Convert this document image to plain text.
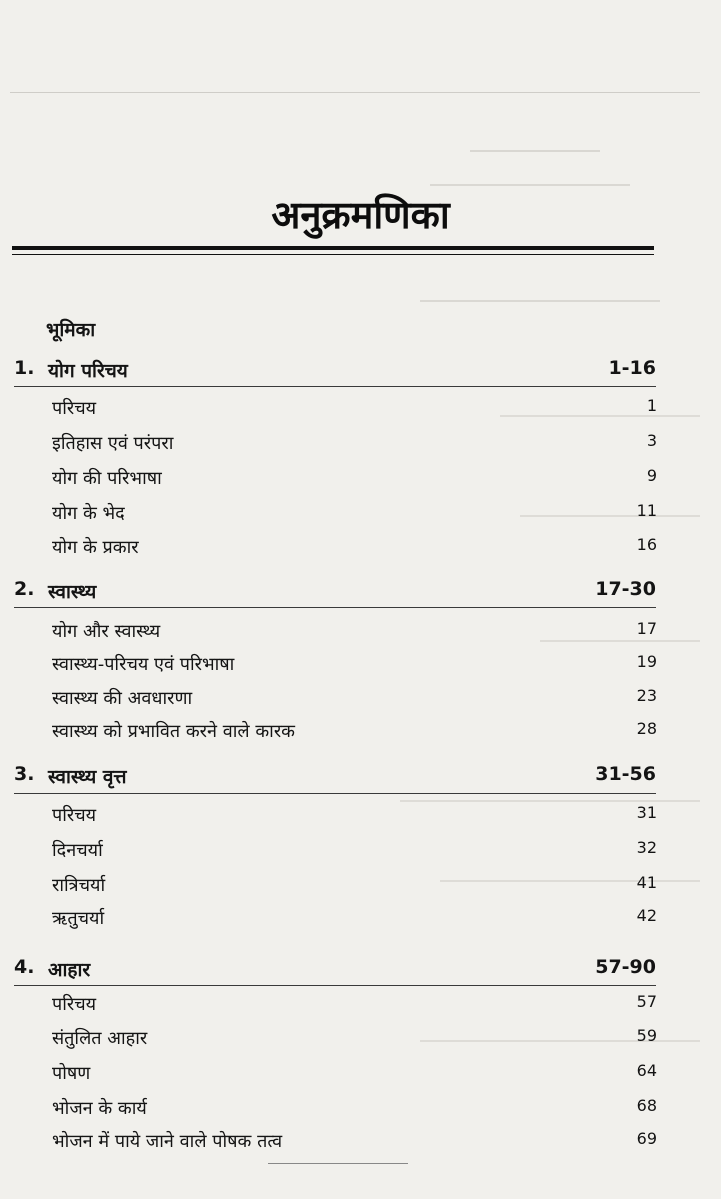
अनुक्रमणिका
भूमिका
1. योग परिचय	1-16
परिचय	1
इतिहास एवं परंपरा	3
योग की परिभाषा	9
योग के भेद	11
योग के प्रकार	16
2. स्वास्थ्य	17-30
योग और स्वास्थ्य	17
स्वास्थ्य-परिचय एवं परिभाषा	19
स्वास्थ्य की अवधारणा	23
स्वास्थ्य को प्रभावित करने वाले कारक	28
3. स्वास्थ्य वृत्त	31-56
परिचय	31
दिनचर्या	32
रात्रिचर्या	41
ऋतुचर्या	42
4. आहार	57-90
परिचय	57
संतुलित आहार	59
पोषण	64
भोजन के कार्य	68
भोजन में पाये जाने वाले पोषक तत्व	69
